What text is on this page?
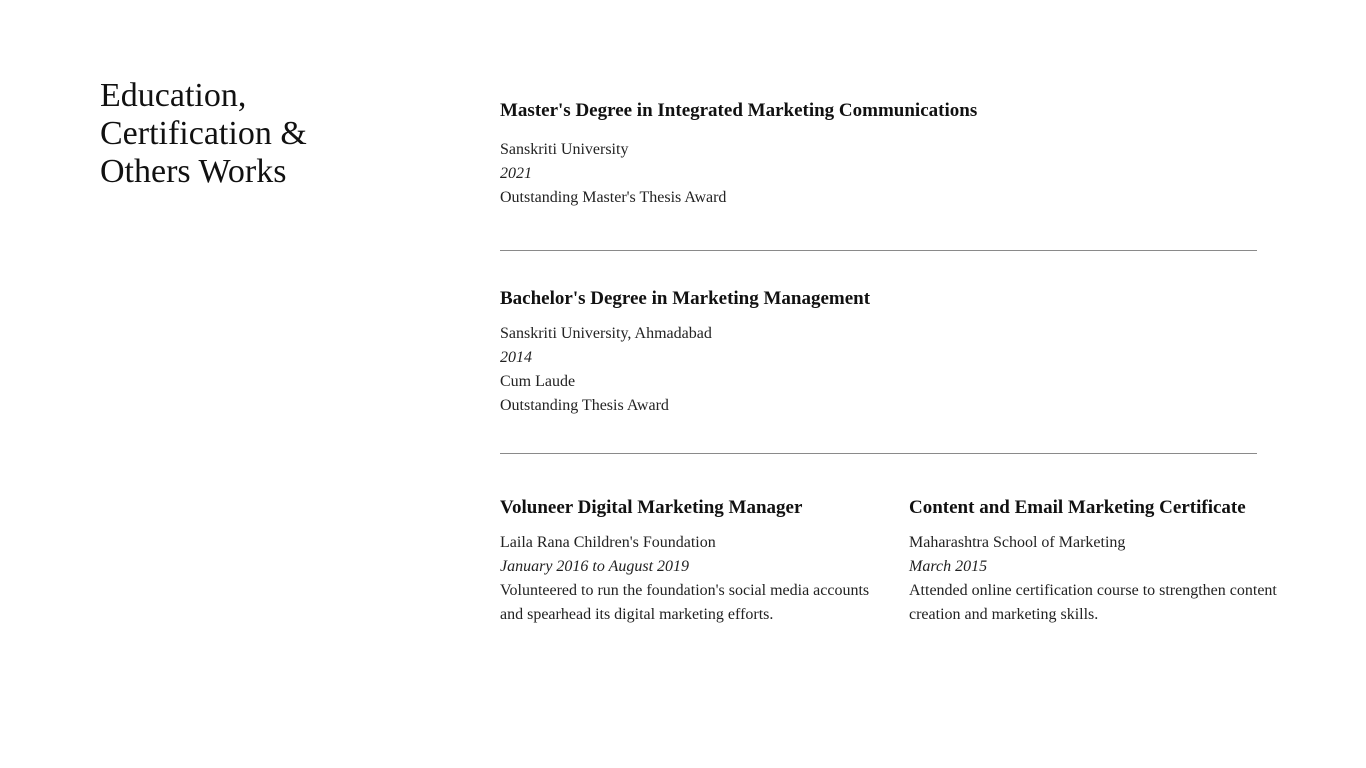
Education, Certification & Others Works
Master's Degree in Integrated Marketing Communications
Sanskriti University
2021
Outstanding Master's Thesis Award
Bachelor's Degree in Marketing Management
Sanskriti University, Ahmadabad
2014
Cum Laude
Outstanding Thesis Award
Voluneer Digital Marketing Manager
Laila Rana Children's Foundation
January 2016 to August 2019
Volunteered to run the foundation's social media accounts and spearhead its digital marketing efforts.
Content and Email Marketing Certificate
Maharashtra School of Marketing
March 2015
Attended online certification course to strengthen content creation and marketing skills.
